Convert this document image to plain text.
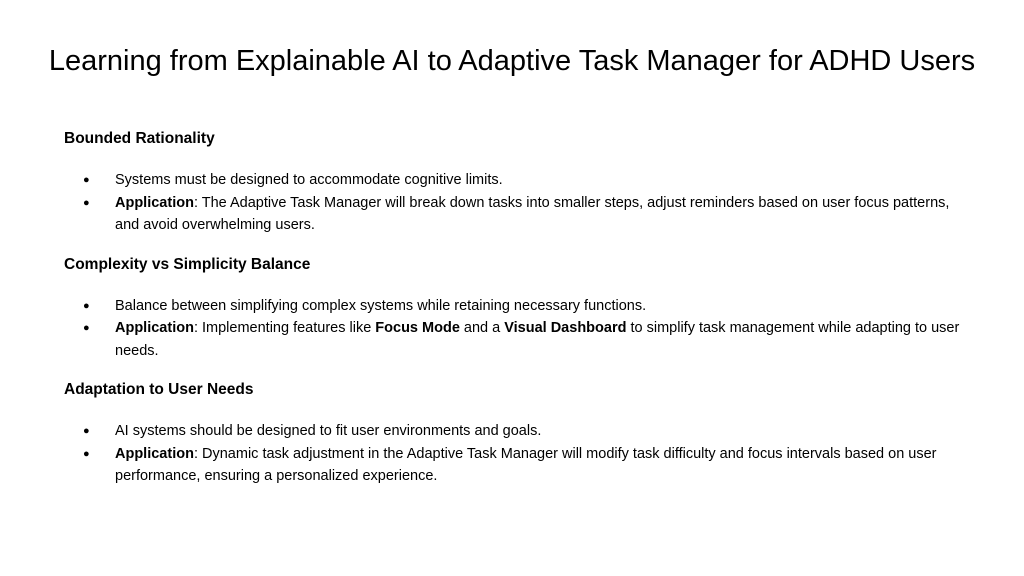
Learning from Explainable AI to Adaptive Task Manager for ADHD Users
Bounded Rationality
● Systems must be designed to accommodate cognitive limits.
● Application: The Adaptive Task Manager will break down tasks into smaller steps, adjust reminders based on user focus patterns, and avoid overwhelming users.
Complexity vs Simplicity Balance
● Balance between simplifying complex systems while retaining necessary functions.
● Application: Implementing features like Focus Mode and a Visual Dashboard to simplify task management while adapting to user needs.
Adaptation to User Needs
● AI systems should be designed to fit user environments and goals.
● Application: Dynamic task adjustment in the Adaptive Task Manager will modify task difficulty and focus intervals based on user performance, ensuring a personalized experience.
